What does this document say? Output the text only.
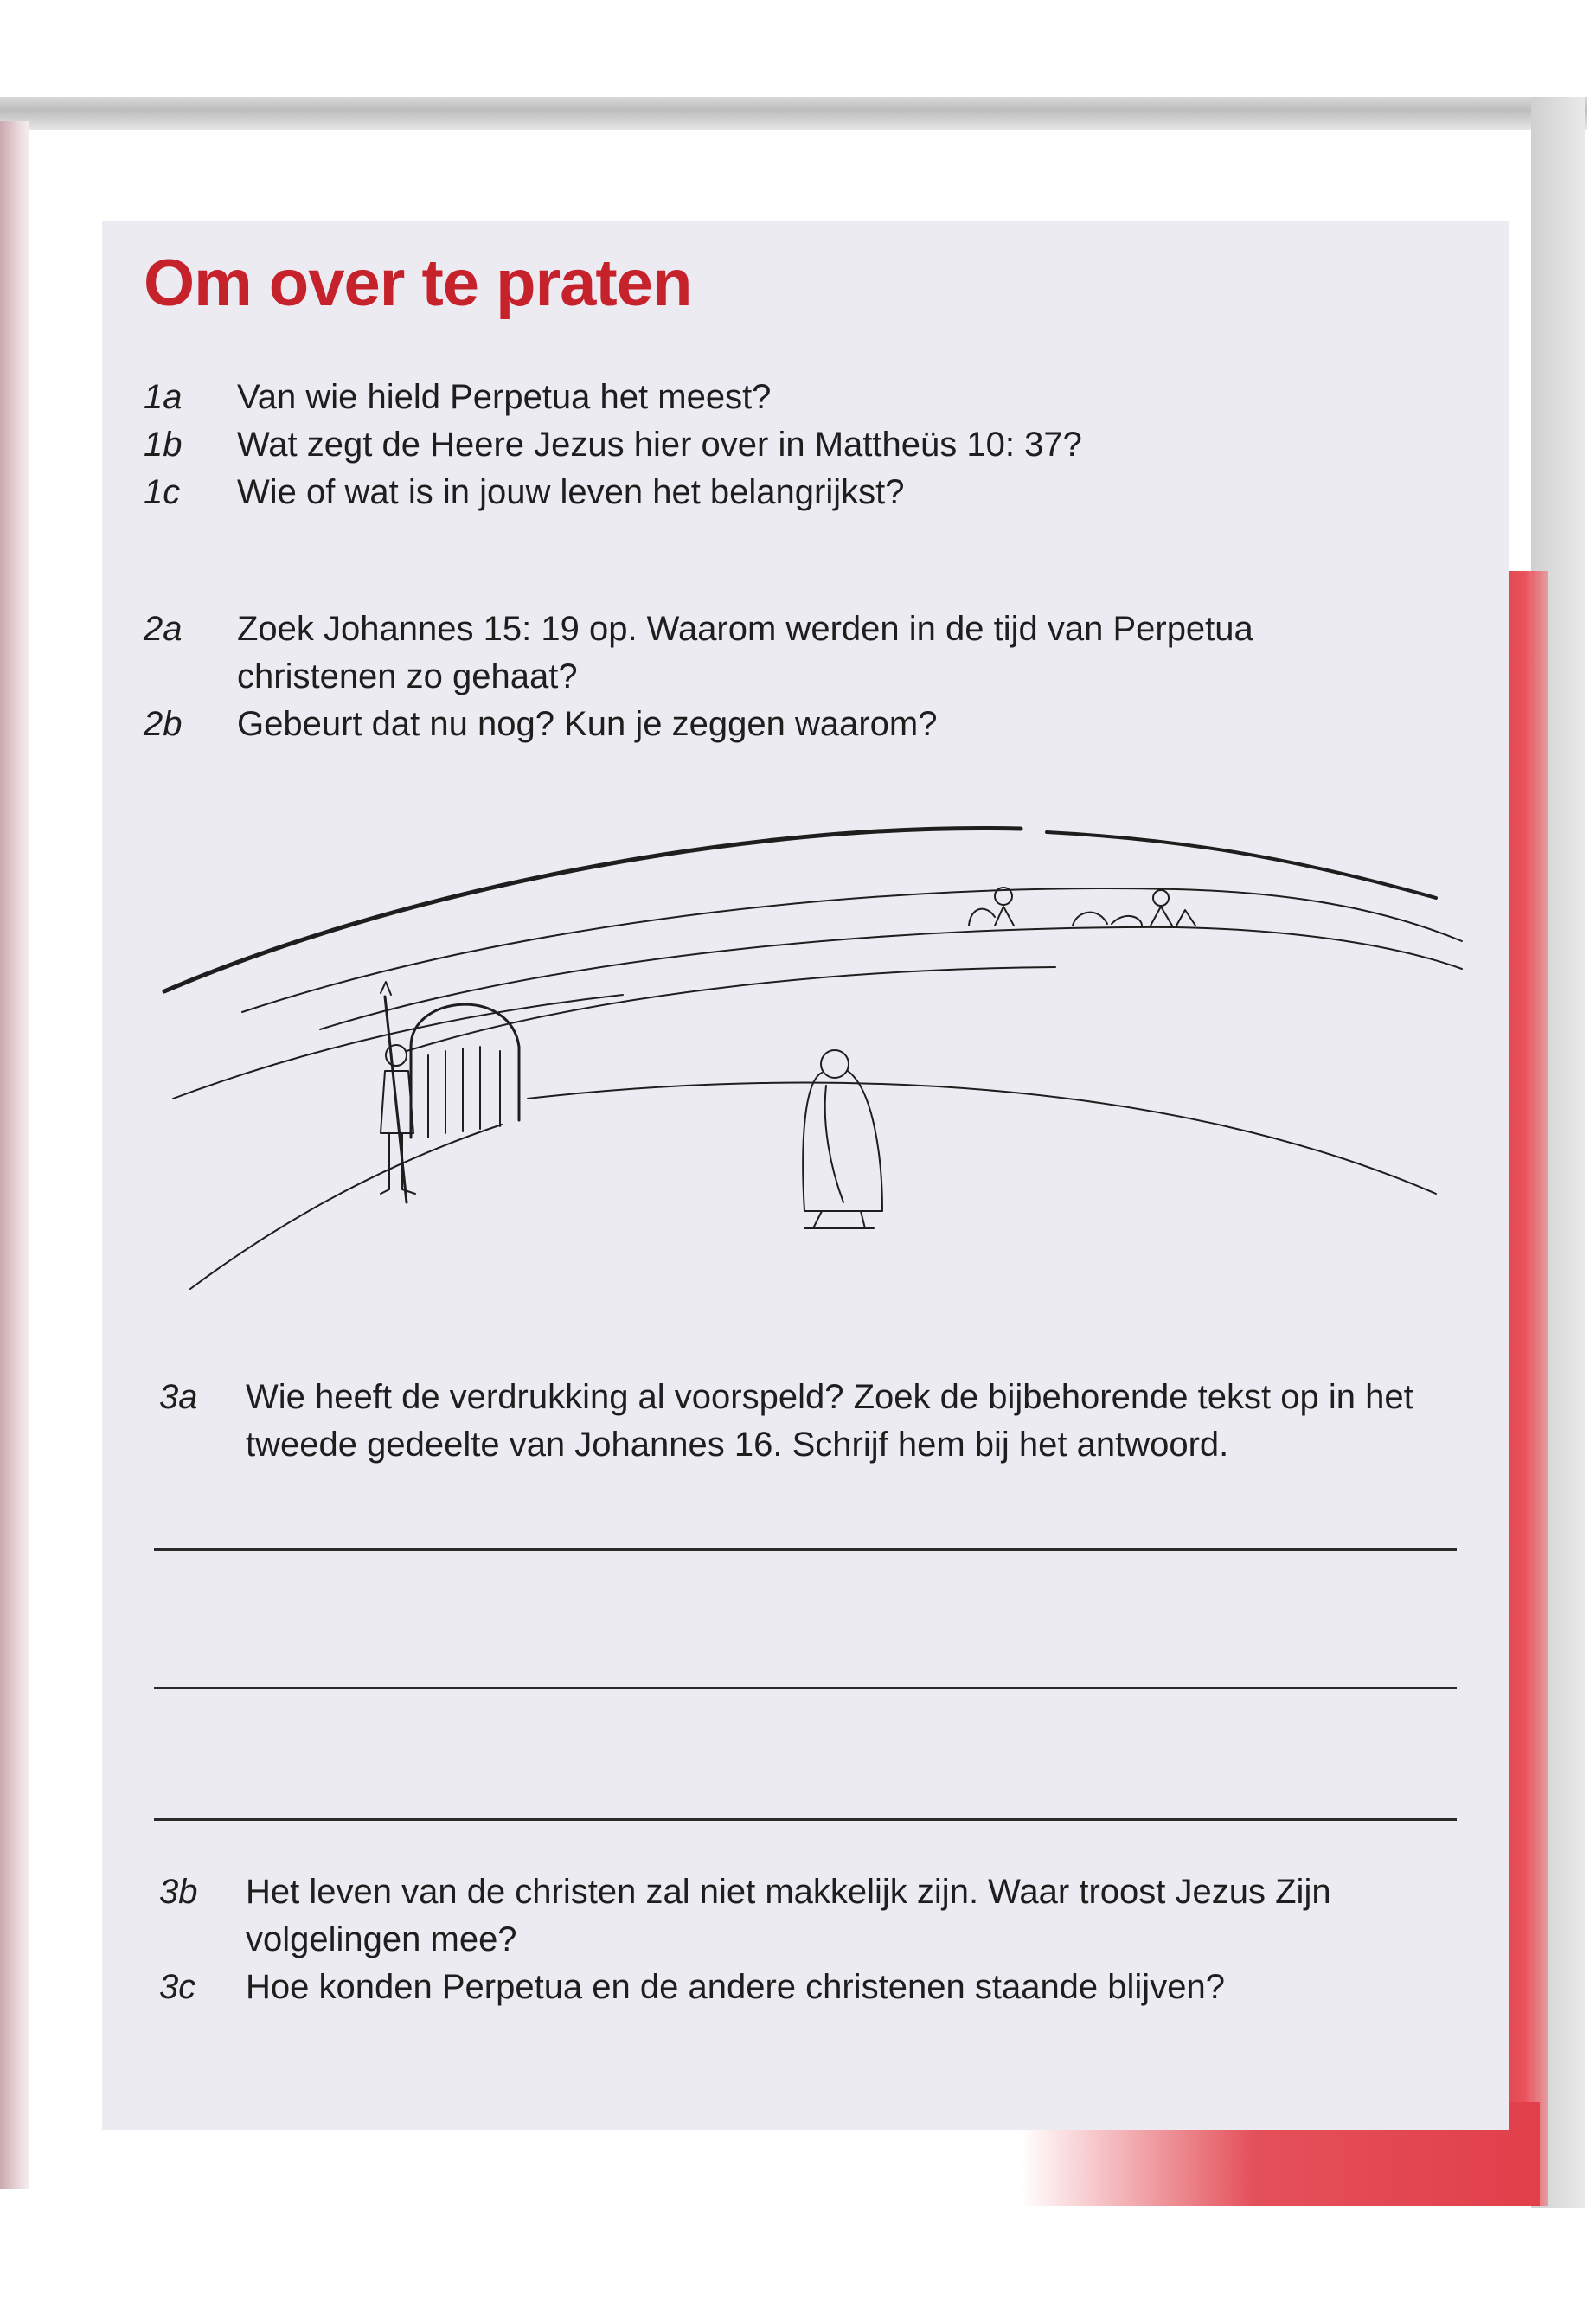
Om over te praten
1a Van wie hield Perpetua het meest?
1b Wat zegt de Heere Jezus hier over in Mattheüs 10: 37?
1c Wie of wat is in jouw leven het belangrijkst?
2a Zoek Johannes 15: 19 op. Waarom werden in de tijd van Perpetua
christenen zo gehaat?
2b Gebeurt dat nu nog? Kun je zeggen waarom?
3a Wie heeft de verdrukking al voorspeld? Zoek de bijbehorende tekst op in het
tweede gedeelte van Johannes 16. Schrijf hem bij het antwoord.
3b Het leven van de christen zal niet makkelijk zijn. Waar troost Jezus Zijn
volgelingen mee?
3c Hoe konden Perpetua en de andere christenen staande blijven?
